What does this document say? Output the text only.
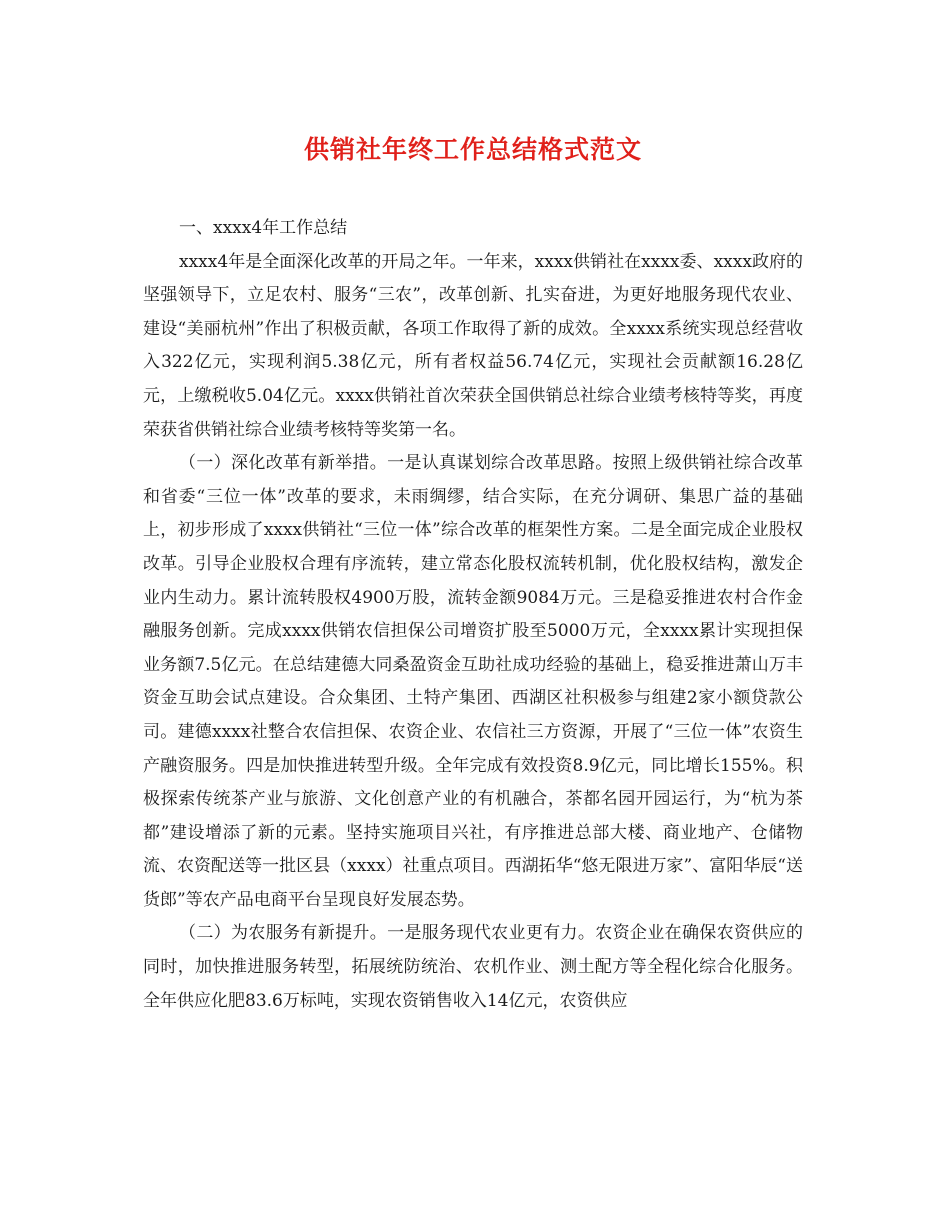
供销社年终工作总结格式范文

一、xxxx4年工作总结

xxxx4年是全面深化改革的开局之年。一年来，xxxx供销社在xxxx委、xxxx政府的坚强领导下，立足农村、服务“三农”，改革创新、扎实奋进，为更好地服务现代农业、建设“美丽杭州”作出了积极贡献，各项工作取得了新的成效。全xxxx系统实现总经营收入322亿元，实现利润5.38亿元，所有者权益56.74亿元，实现社会贡献额16.28亿元，上缴税收5.04亿元。xxxx供销社首次荣获全国供销总社综合业绩考核特等奖，再度荣获省供销社综合业绩考核特等奖第一名。

（一）深化改革有新举措。一是认真谋划综合改革思路。按照上级供销社综合改革和省委“三位一体”改革的要求，未雨绸缪，结合实际，在充分调研、集思广益的基础上，初步形成了xxxx供销社“三位一体”综合改革的框架性方案。二是全面完成企业股权改革。引导企业股权合理有序流转，建立常态化股权流转机制，优化股权结构，激发企业内生动力。累计流转股权4900万股，流转金额9084万元。三是稳妥推进农村合作金融服务创新。完成xxxx供销农信担保公司增资扩股至5000万元，全xxxx累计实现担保业务额7.5亿元。在总结建德大同桑盈资金互助社成功经验的基础上，稳妥推进萧山万丰资金互助会试点建设。合众集团、土特产集团、西湖区社积极参与组建2家小额贷款公司。建德xxxx社整合农信担保、农资企业、农信社三方资源，开展了“三位一体”农资生产融资服务。四是加快推进转型升级。全年完成有效投资8.9亿元，同比增长155%。积极探索传统茶产业与旅游、文化创意产业的有机融合，茶都名园开园运行，为“杭为茶都”建设增添了新的元素。坚持实施项目兴社，有序推进总部大楼、商业地产、仓储物流、农资配送等一批区县（xxxx）社重点项目。西湖拓华“悠无限进万家”、富阳华辰“送货郎”等农产品电商平台呈现良好发展态势。

（二）为农服务有新提升。一是服务现代农业更有力。农资企业在确保农资供应的同时，加快推进服务转型，拓展统防统治、农机作业、测土配方等全程化综合化服务。全年供应化肥83.6万标吨，实现农资销售收入14亿元，农资供应
